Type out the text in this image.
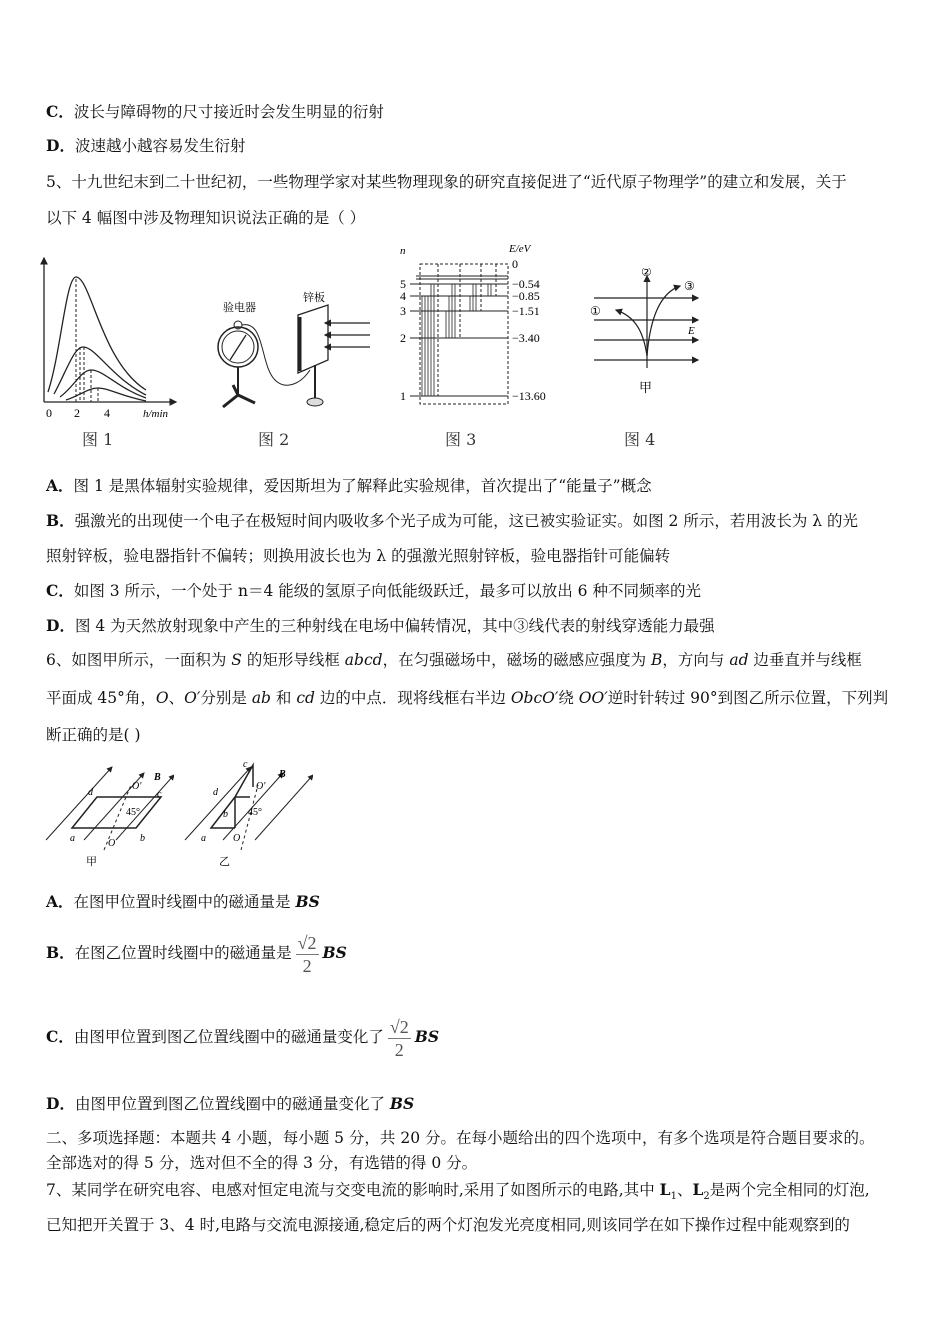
C．波长与障碍物的尺寸接近时会发生明显的衍射
D．波速越小越容易发生衍射
5、十九世纪末到二十世纪初，一些物理学家对某些物理现象的研究直接促进了“近代原子物理学”的建立和发展，关于
以下 4 幅图中涉及物理知识说法正确的是（ ）
0 2 4	h/min
图 1
验电器
锌板
图 2
n	E/eV
5
4
3
2
1
0
−0.54
−0.85
−1.51
−3.40
−13.60
图 3
①
②
③
E
甲
图 4
A．图 1 是黑体辐射实验规律，爱因斯坦为了解释此实验规律，首次提出了“能量子”概念
B．强激光的出现使一个电子在极短时间内吸收多个光子成为可能，这已被实验证实。如图 2 所示，若用波长为 λ 的光
照射锌板，验电器指针不偏转；则换用波长也为 λ 的强激光照射锌板，验电器指针可能偏转
C．如图 3 所示，一个处于 n＝4 能级的氢原子向低能级跃迁，最多可以放出 6 种不同频率的光
D．图 4 为天然放射现象中产生的三种射线在电场中偏转情况，其中③线代表的射线穿透能力最强
6、如图甲所示，一面积为 S 的矩形导线框 abcd，在匀强磁场中，磁场的磁感应强度为 B，方向与 ad 边垂直并与线框
平面成 45°角，O、O′分别是 ab 和 cd 边的中点．现将线框右半边 ObcO′绕 OO′逆时针转过 90°到图乙所示位置，下列判
断正确的是( )
d
O′
B
c
45°
a	O b
甲
c
d
O′
B
b 45°
a	O
乙
A．在图甲位置时线圈中的磁通量是 BS
B．在图乙位置时线圈中的磁通量是 $\frac{√2}{2}$ BS
C．由图甲位置到图乙位置线圈中的磁通量变化了 $\frac{√2}{2}$ BS
D．由图甲位置到图乙位置线圈中的磁通量变化了 BS
二、多项选择题：本题共 4 小题，每小题 5 分，共 20 分。在每小题给出的四个选项中，有多个选项是符合题目要求的。
全部选对的得 5 分，选对但不全的得 3 分，有选错的得 0 分。
7、某同学在研究电容、电感对恒定电流与交变电流的影响时,采用了如图所示的电路,其中 $L_1$、$L_2$是两个完全相同的灯泡,
已知把开关置于 3、4 时,电路与交流电源接通,稳定后的两个灯泡发光亮度相同,则该同学在如下操作过程中能观察到的
